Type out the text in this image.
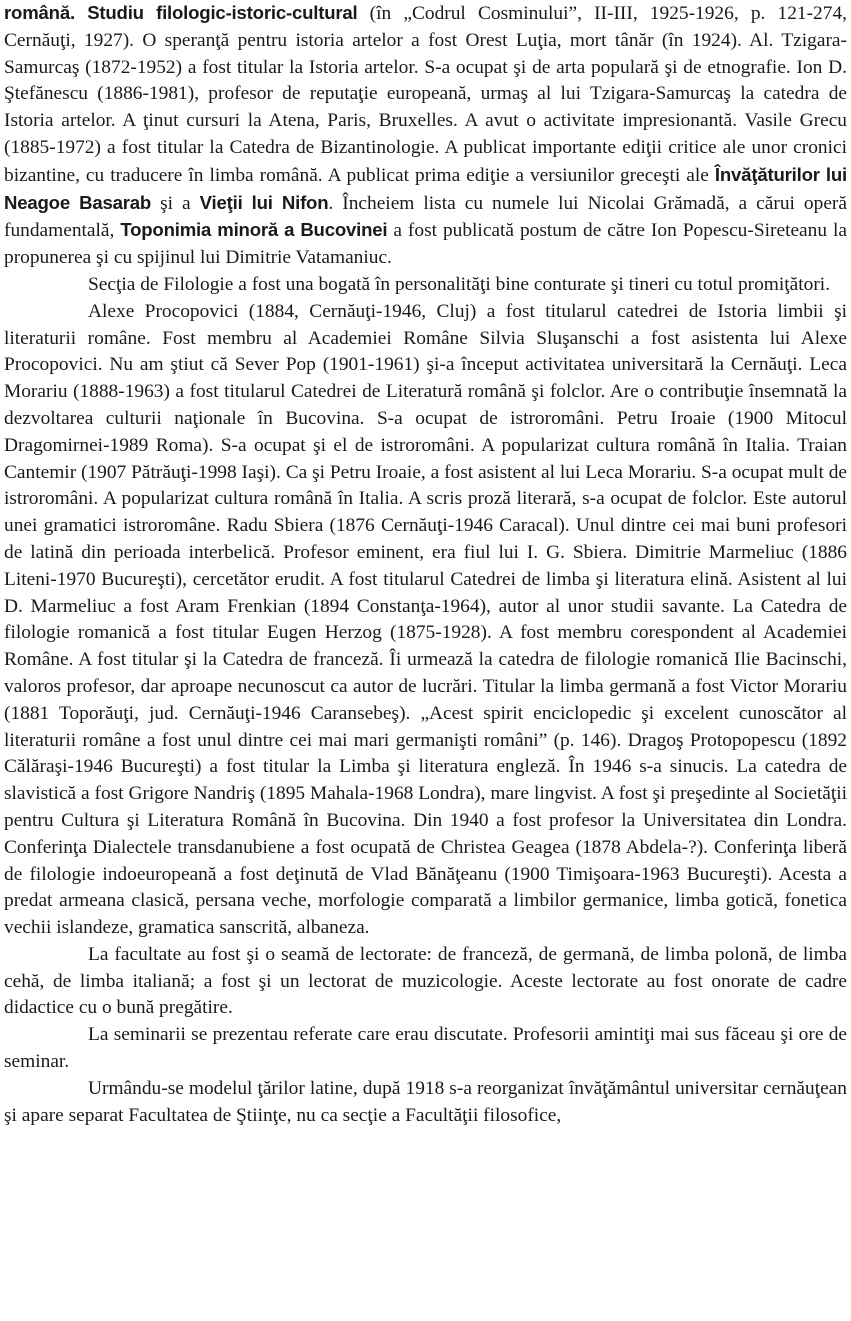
română. Studiu filologic-istoric-cultural (în „Codrul Cosminului”, II-III, 1925-1926, p. 121-274, Cernăuţi, 1927). O speranţă pentru istoria artelor a fost Orest Luţia, mort tânăr (în 1924). Al. Tzigara-Samurcaş (1872-1952) a fost titular la Istoria artelor. S-a ocupat şi de arta populară şi de etnografie. Ion D. Ştefănescu (1886-1981), profesor de reputaţie europeană, urmaş al lui Tzigara-Samurcaş la catedra de Istoria artelor. A ţinut cursuri la Atena, Paris, Bruxelles. A avut o activitate impresionantă. Vasile Grecu (1885-1972) a fost titular la Catedra de Bizantinologie. A publicat importante ediţii critice ale unor cronici bizantine, cu traducere în limba română. A publicat prima ediţie a versiunilor greceşti ale Învăţăturilor lui Neagoe Basarab şi a Vieţii lui Nifon. Încheiem lista cu numele lui Nicolai Grămadă, a cărui operă fundamentală, Toponimia minoră a Bucovinei a fost publicată postum de către Ion Popescu-Sireteanu la propunerea şi cu spijinul lui Dimitrie Vatamaniuc.

Secţia de Filologie a fost una bogată în personalităţi bine conturate şi tineri cu totul promiţători.

Alexe Procopovici (1884, Cernăuţi-1946, Cluj) a fost titularul catedrei de Istoria limbii şi literaturii române. Fost membru al Academiei Române Silvia Sluşanschi a fost asistenta lui Alexe Procopovici. Nu am ştiut că Sever Pop (1901-1961) şi-a început activitatea universitară la Cernăuţi. Leca Morariu (1888-1963) a fost titularul Catedrei de Literatură română şi folclor. Are o contribuţie însemnată la dezvoltarea culturii naţionale în Bucovina. S-a ocupat de istroromâni. Petru Iroaie (1900 Mitocul Dragomirnei-1989 Roma). S-a ocupat şi el de istroromâni. A popularizat cultura română în Italia. Traian Cantemir (1907 Pătrăuţi-1998 Iaşi). Ca şi Petru Iroaie, a fost asistent al lui Leca Morariu. S-a ocupat mult de istroromâni. A popularizat cultura română în Italia. A scris proză literară, s-a ocupat de folclor. Este autorul unei gramatici istroromâne. Radu Sbiera (1876 Cernăuţi-1946 Caracal). Unul dintre cei mai buni profesori de latină din perioada interbelică. Profesor eminent, era fiul lui I. G. Sbiera. Dimitrie Marmeliuc (1886 Liteni-1970 Bucureşti), cercetător erudit. A fost titularul Catedrei de limba şi literatura elină. Asistent al lui D. Marmeliuc a fost Aram Frenkian (1894 Constanţa-1964), autor al unor studii savante. La Catedra de filologie romanică a fost titular Eugen Herzog (1875-1928). A fost membru corespondent al Academiei Române. A fost titular şi la Catedra de franceză. Îi urmează la catedra de filologie romanică Ilie Bacinschi, valoros profesor, dar aproape necunoscut ca autor de lucrări. Titular la limba germană a fost Victor Morariu (1881 Toporăuţi, jud. Cernăuţi-1946 Caransebeş). „Acest spirit enciclopedic şi excelent cunoscător al literaturii române a fost unul dintre cei mai mari germanişti români” (p. 146). Dragoş Protopopescu (1892 Călăraşi-1946 Bucureşti) a fost titular la Limba şi literatura engleză. În 1946 s-a sinucis. La catedra de slavistică a fost Grigore Nandriş (1895 Mahala-1968 Londra), mare lingvist. A fost şi preşedinte al Societăţii pentru Cultura şi Literatura Română în Bucovina. Din 1940 a fost profesor la Universitatea din Londra. Conferinţa Dialectele transdanubiene a fost ocupată de Christea Geagea (1878 Abdela-?). Conferinţa liberă de filologie indoeuropeană a fost deţinută de Vlad Bănăţeanu (1900 Timişoara-1963 Bucureşti). Acesta a predat armeana clasică, persana veche, morfologie comparată a limbilor germanice, limba gotică, fonetica vechii islandeze, gramatica sanscrită, albaneza.

La facultate au fost şi o seamă de lectorate: de franceză, de germană, de limba polonă, de limba cehă, de limba italiană; a fost şi un lectorat de muzicologie. Aceste lectorate au fost onorate de cadre didactice cu o bună pregătire.

La seminarii se prezentau referate care erau discutate. Profesorii amintiţi mai sus făceau şi ore de seminar.

Urmându-se modelul ţărilor latine, după 1918 s-a reorganizat învăţământul universitar cernăuţean şi apare separat Facultatea de Ştiinţe, nu ca secţie a Facultăţii filosofice,
